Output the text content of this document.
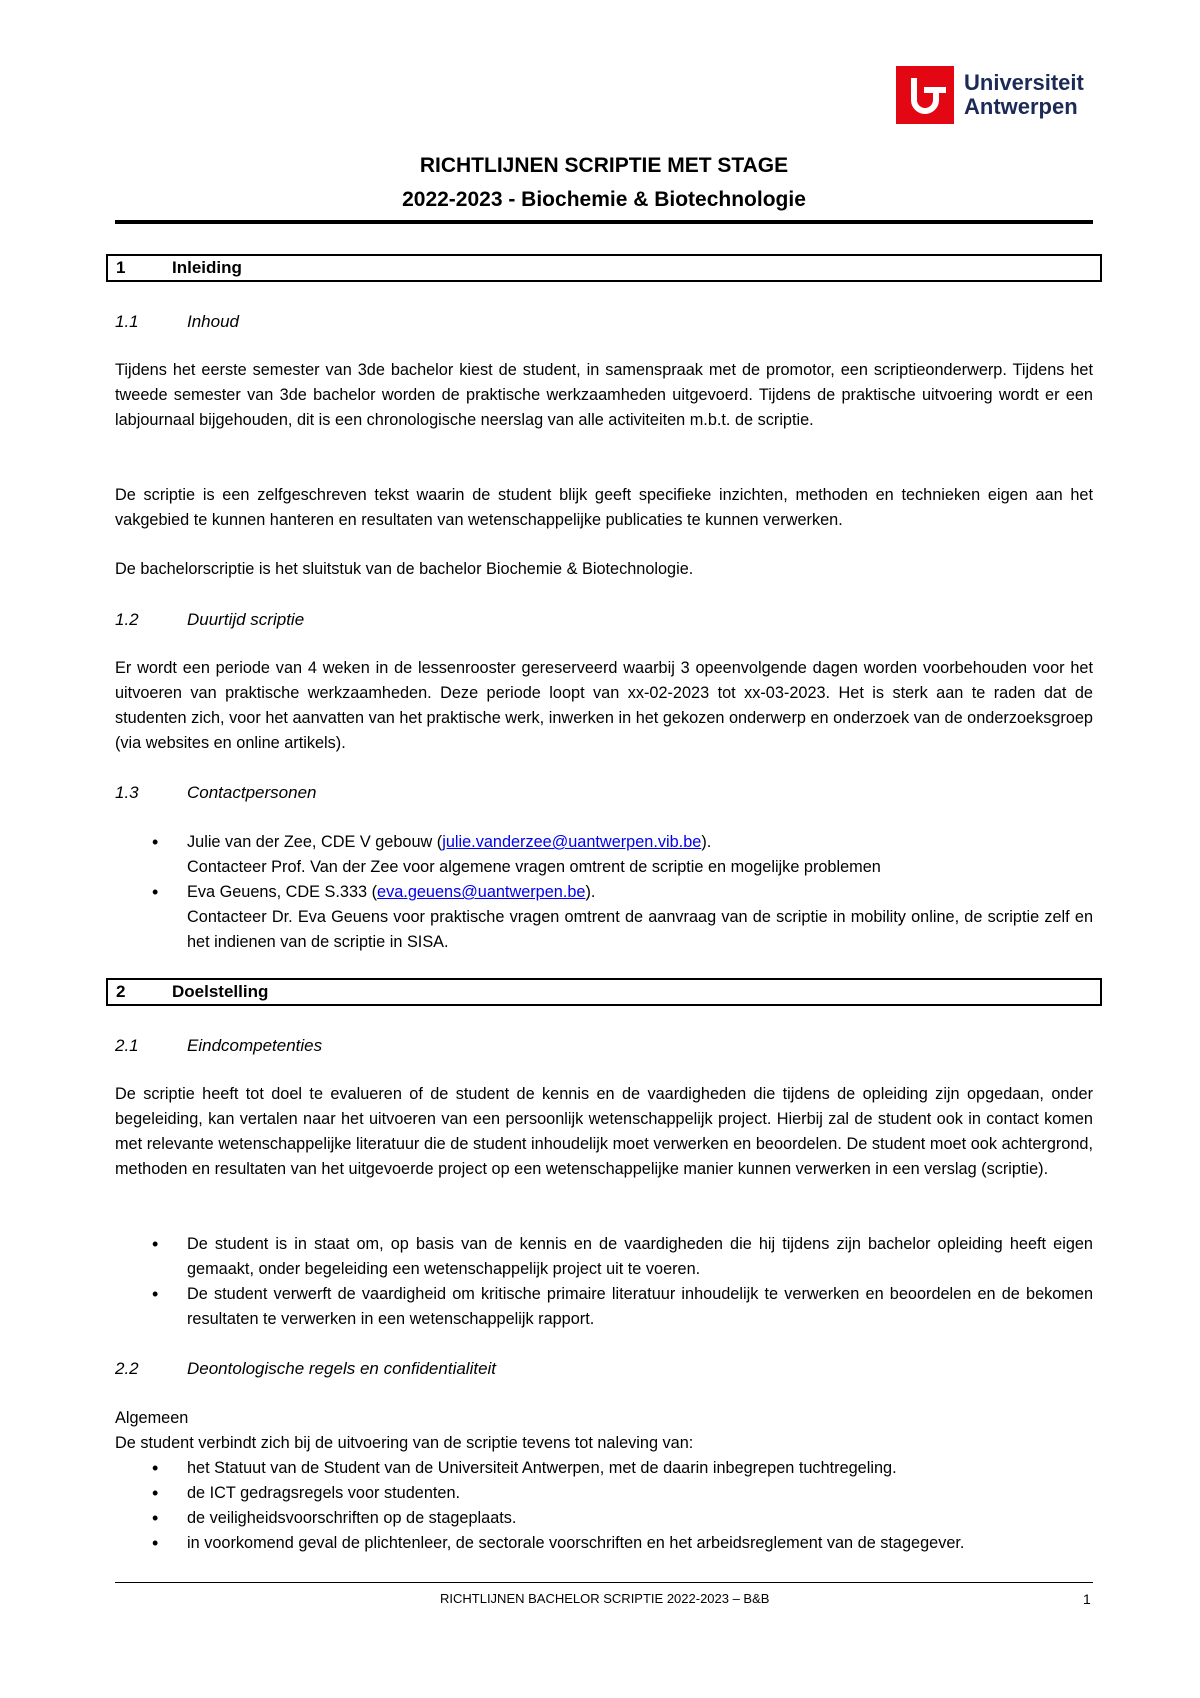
Universiteit
Antwerpen
RICHTLIJNEN SCRIPTIE MET STAGE
2022-2023 - Biochemie & Biotechnologie
1	Inleiding
1.1	Inhoud
Tijdens het eerste semester van 3de bachelor kiest de student, in samenspraak met de promotor, een scriptieonderwerp. Tijdens het tweede semester van 3de bachelor worden de praktische werkzaamheden uitgevoerd. Tijdens de praktische uitvoering wordt er een labjournaal bijgehouden, dit is een chronologische neerslag van alle activiteiten m.b.t. de scriptie.
De scriptie is een zelfgeschreven tekst waarin de student blijk geeft specifieke inzichten, methoden en technieken eigen aan het vakgebied te kunnen hanteren en resultaten van wetenschappelijke publicaties te kunnen verwerken.
De bachelorscriptie is het sluitstuk van de bachelor Biochemie & Biotechnologie.
1.2	Duurtijd scriptie
Er wordt een periode van 4 weken in de lessenrooster gereserveerd waarbij 3 opeenvolgende dagen worden voorbehouden voor het uitvoeren van praktische werkzaamheden. Deze periode loopt van xx-02-2023 tot xx-03-2023. Het is sterk aan te raden dat de studenten zich, voor het aanvatten van het praktische werk, inwerken in het gekozen onderwerp en onderzoek van de onderzoeksgroep (via websites en online artikels).
1.3	Contactpersonen
• Julie van der Zee, CDE V gebouw (julie.vanderzee@uantwerpen.vib.be).
Contacteer Prof. Van der Zee voor algemene vragen omtrent de scriptie en mogelijke problemen
• Eva Geuens, CDE S.333 (eva.geuens@uantwerpen.be).
Contacteer Dr. Eva Geuens voor praktische vragen omtrent de aanvraag van de scriptie in mobility online, de scriptie zelf en het indienen van de scriptie in SISA.
2	Doelstelling
2.1	Eindcompetenties
De scriptie heeft tot doel te evalueren of de student de kennis en de vaardigheden die tijdens de opleiding zijn opgedaan, onder begeleiding, kan vertalen naar het uitvoeren van een persoonlijk wetenschappelijk project. Hierbij zal de student ook in contact komen met relevante wetenschappelijke literatuur die de student inhoudelijk moet verwerken en beoordelen. De student moet ook achtergrond, methoden en resultaten van het uitgevoerde project op een wetenschappelijke manier kunnen verwerken in een verslag (scriptie).
• De student is in staat om, op basis van de kennis en de vaardigheden die hij tijdens zijn bachelor opleiding heeft eigen gemaakt, onder begeleiding een wetenschappelijk project uit te voeren.
• De student verwerft de vaardigheid om kritische primaire literatuur inhoudelijk te verwerken en beoordelen en de bekomen resultaten te verwerken in een wetenschappelijk rapport.
2.2	Deontologische regels en confidentialiteit
Algemeen
De student verbindt zich bij de uitvoering van de scriptie tevens tot naleving van:
• het Statuut van de Student van de Universiteit Antwerpen, met de daarin inbegrepen tuchtregeling.
• de ICT gedragsregels voor studenten.
• de veiligheidsvoorschriften op de stageplaats.
• in voorkomend geval de plichtenleer, de sectorale voorschriften en het arbeidsreglement van de stagegever.
RICHTLIJNEN BACHELOR SCRIPTIE 2022-2023 – B&B	1
